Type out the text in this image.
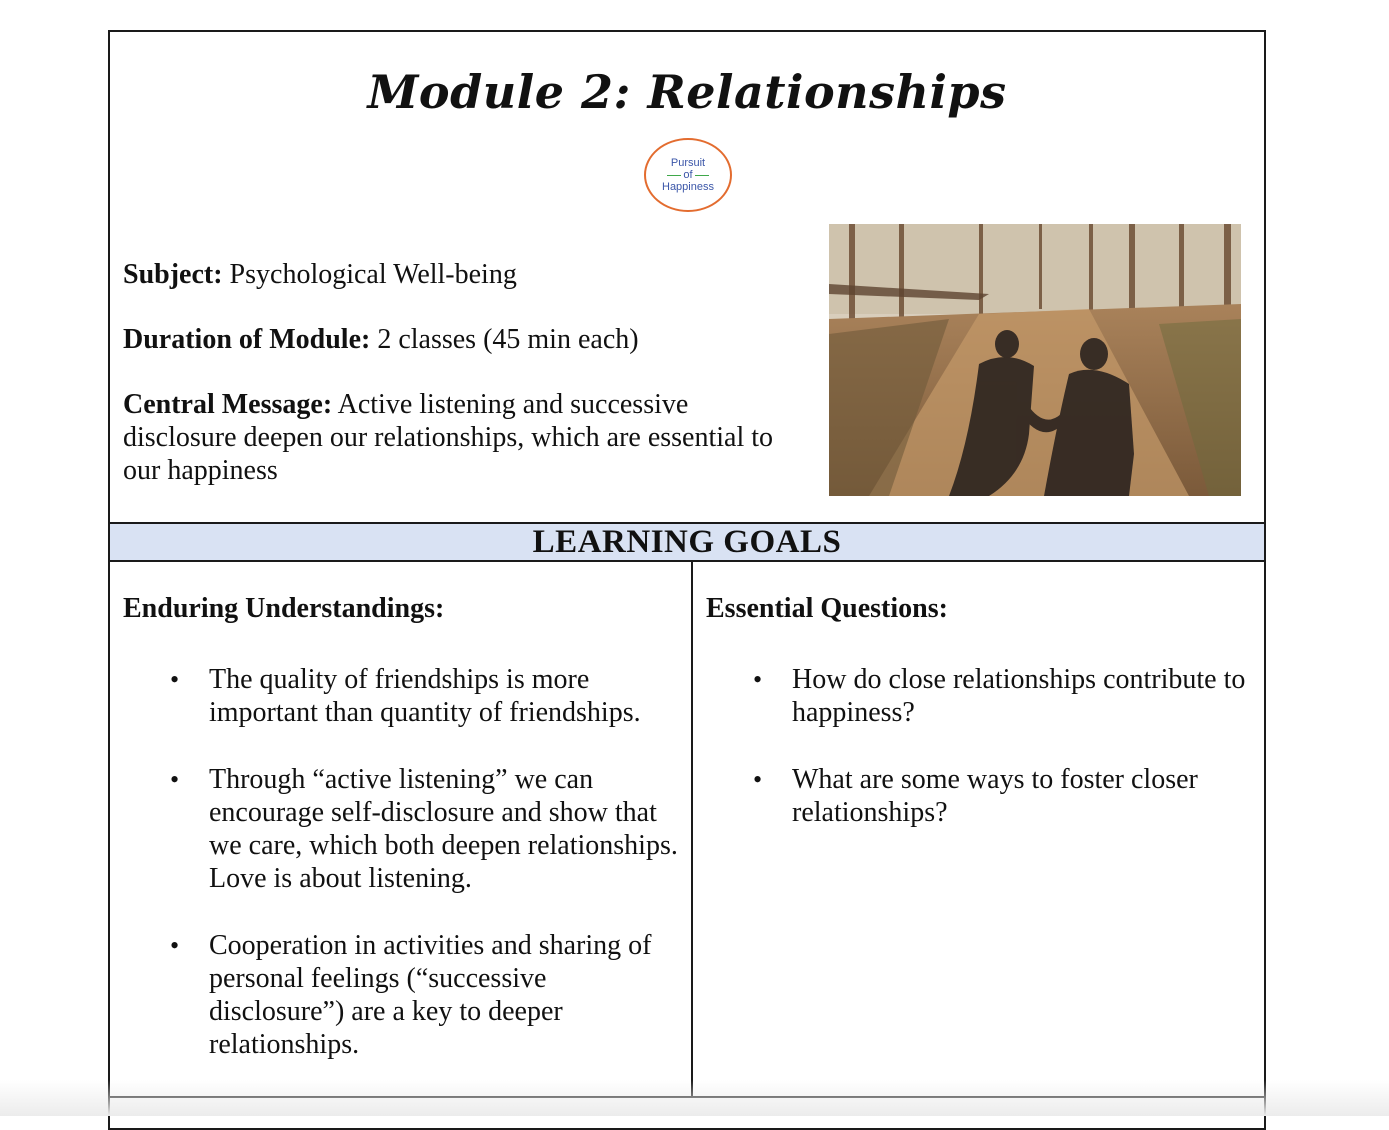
Module 2: Relationships
Pursuit
of
Happiness

Subject: Psychological Well-being

Duration of Module: 2 classes (45 min each)

Central Message: Active listening and successive disclosure deepen our relationships, which are essential to our happiness

LEARNING GOALS
Enduring Understandings:
• The quality of friendships is more important than quantity of friendships.
• Through “active listening” we can encourage self-disclosure and show that we care, which both deepen relationships. Love is about listening.
• Cooperation in activities and sharing of personal feelings (“successive disclosure”) are a key to deeper relationships.
Essential Questions:
• How do close relationships contribute to happiness?
• What are some ways to foster closer relationships?
